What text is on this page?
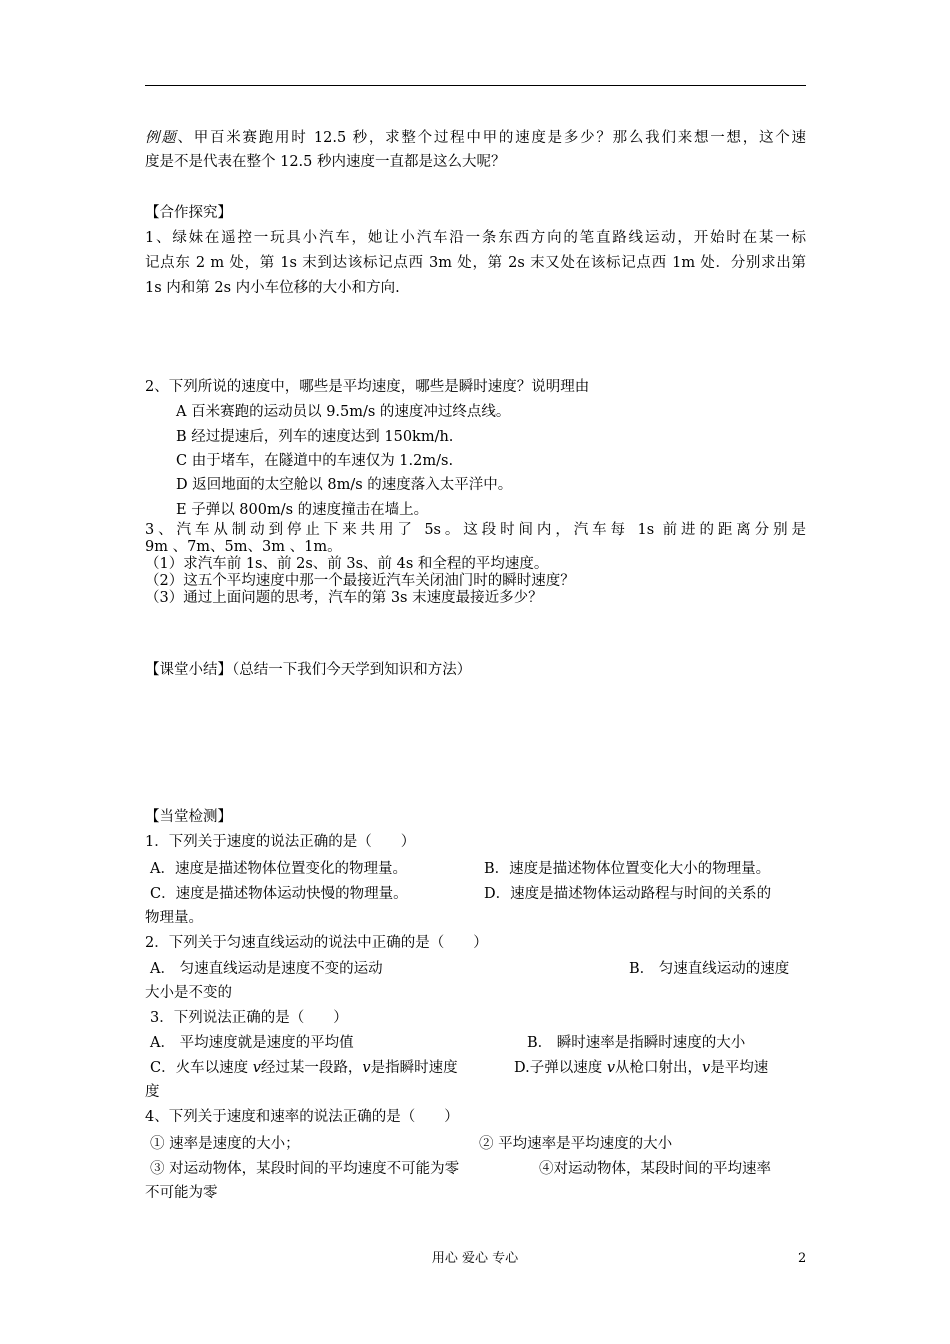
例题、甲百米赛跑用时 12.5 秒，求整个过程中甲的速度是多少？那么我们来想一想，这个速
度是不是代表在整个 12.5 秒内速度一直都是这么大呢？
【合作探究】
1、绿妹在遥控一玩具小汽车，她让小汽车沿一条东西方向的笔直路线运动，开始时在某一标
记点东 2 m 处，第 1s 末到达该标记点西 3m 处，第 2s 末又处在该标记点西 1m 处．分别求出第
1s 内和第 2s 内小车位移的大小和方向.
2、下列所说的速度中，哪些是平均速度，哪些是瞬时速度？说明理由
A 百米赛跑的运动员以 9.5m/s 的速度冲过终点线。
B 经过提速后，列车的速度达到 150km/h.
C 由于堵车，在隧道中的车速仅为 1.2m/s.
D 返回地面的太空舱以 8m/s 的速度落入太平洋中。
E 子弹以 800m/s 的速度撞击在墙上。
3、汽车从制动到停止下来共用了 5s。这段时间内，汽车每 1s 前进的距离分别是
9m 、7m、5m、3m 、1m。
（1）求汽车前 1s、前 2s、前 3s、前 4s 和全程的平均速度。
（2）这五个平均速度中那一个最接近汽车关闭油门时的瞬时速度？
（3）通过上面问题的思考，汽车的第 3s 末速度最接近多少？
【课堂小结】（总结一下我们今天学到知识和方法）
【当堂检测】
1．下列关于速度的说法正确的是（　　）
A．速度是描述物体位置变化的物理量。	B．速度是描述物体位置变化大小的物理量。
C．速度是描述物体运动快慢的物理量。	D．速度是描述物体运动路程与时间的关系的
物理量。
2．下列关于匀速直线运动的说法中正确的是（　　）
A． 匀速直线运动是速度不变的运动	B． 匀速直线运动的速度
大小是不变的
3．下列说法正确的是（　　）
A． 平均速度就是速度的平均值	B． 瞬时速率是指瞬时速度的大小
C．火车以速度 v经过某一段路，v是指瞬时速度	D.子弹以速度 v从枪口射出，v是平均速
度
4、下列关于速度和速率的说法正确的是（　　）
① 速率是速度的大小；	② 平均速率是平均速度的大小
③ 对运动物体，某段时间的平均速度不可能为零	④对运动物体，某段时间的平均速率
不可能为零
用心 爱心 专心	2
